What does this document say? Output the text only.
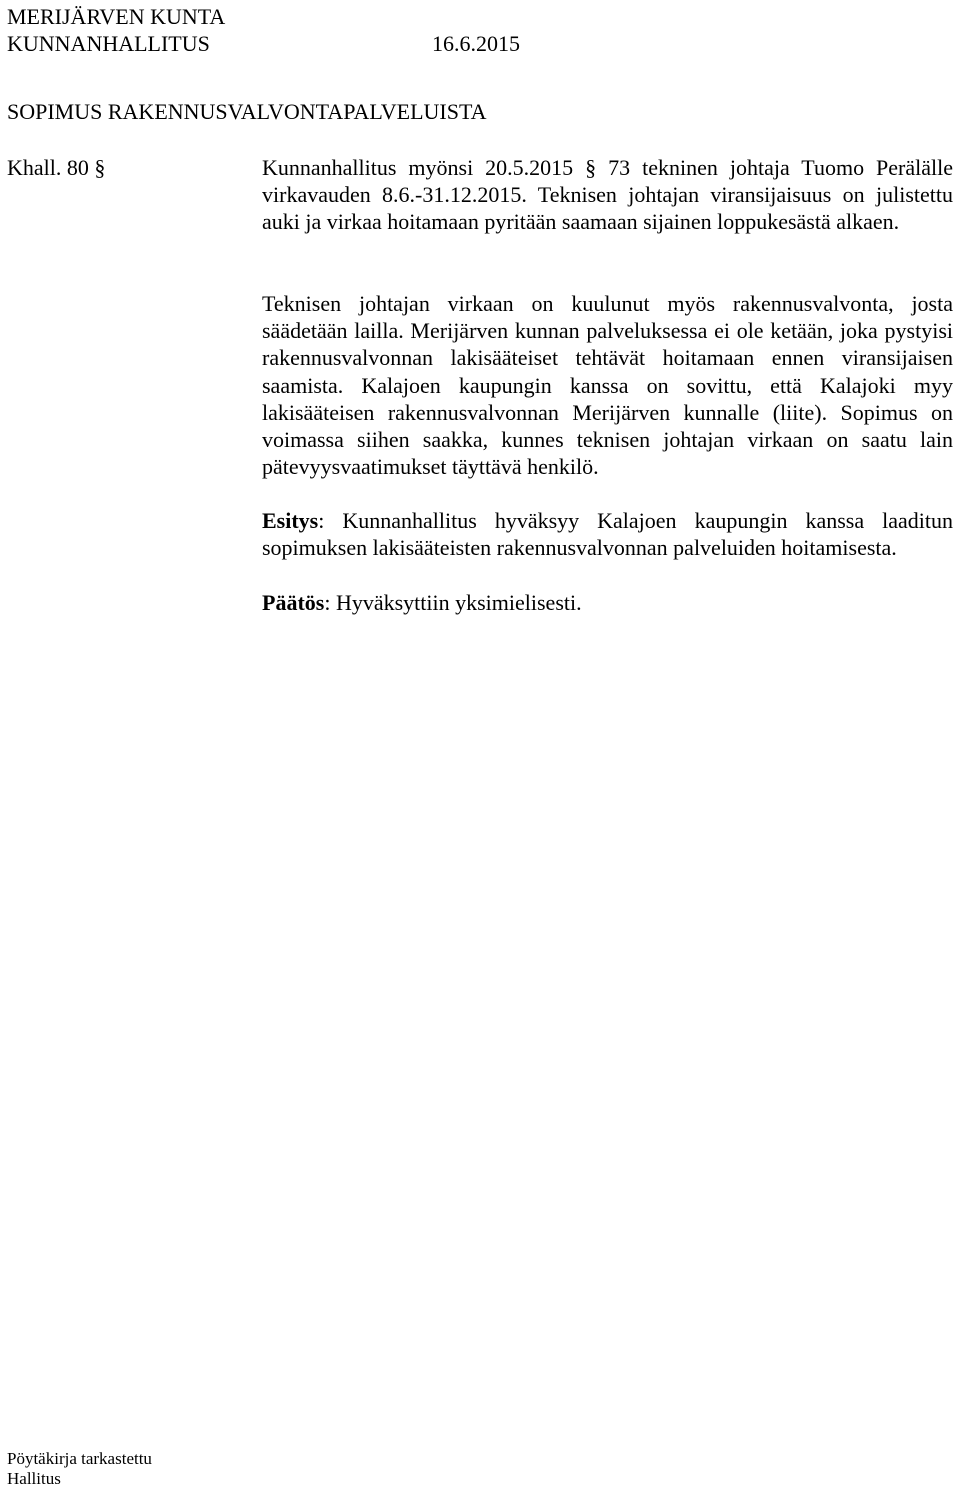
MERIJÄRVEN KUNTA
KUNNANHALLITUS	16.6.2015
SOPIMUS RAKENNUSVALVONTAPALVELUISTA
Khall. 80 §	Kunnanhallitus myönsi 20.5.2015 § 73 tekninen johtaja Tuomo Perälälle virkavauden 8.6.-31.12.2015. Teknisen johtajan viransijaisuus on julistettu auki ja virkaa hoitamaan pyritään saamaan sijainen loppukesästä alkaen.

Teknisen johtajan virkaan on kuulunut myös rakennusvalvonta, josta säädetään lailla. Merijärven kunnan palveluksessa ei ole ketään, joka pystyisi rakennusvalvonnan lakisääteiset tehtävät hoitamaan ennen viransijaisen saamista. Kalajoen kaupungin kanssa on sovittu, että Kalajoki myy lakisääteisen rakennusvalvonnan Merijärven kunnalle (liite). Sopimus on voimassa siihen saakka, kunnes teknisen johtajan virkaan on saatu lain pätevyysvaatimukset täyttävä henkilö.

Esitys: Kunnanhallitus hyväksyy Kalajoen kaupungin kanssa laaditun sopimuksen lakisääteisten rakennusvalvonnan palveluiden hoitamisesta.

Päätös: Hyväksyttiin yksimielisesti.

Pöytäkirja tarkastettu
Hallitus
